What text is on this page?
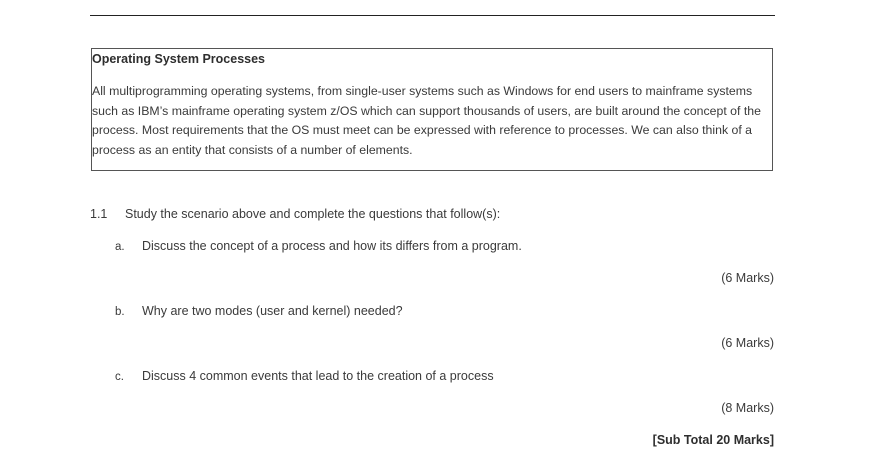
Operating System Processes

All multiprogramming operating systems, from single-user systems such as Windows for end users to mainframe systems such as IBM’s mainframe operating system z/OS which can support thousands of users, are built around the concept of the process. Most requirements that the OS must meet can be expressed with reference to processes. We can also think of a process as an entity that consists of a number of elements.
1.1 Study the scenario above and complete the questions that follow(s):
a. Discuss the concept of a process and how its differs from a program.
(6 Marks)
b. Why are two modes (user and kernel) needed?
(6 Marks)
c. Discuss 4 common events that lead to the creation of a process
(8 Marks)
[Sub Total 20 Marks]
